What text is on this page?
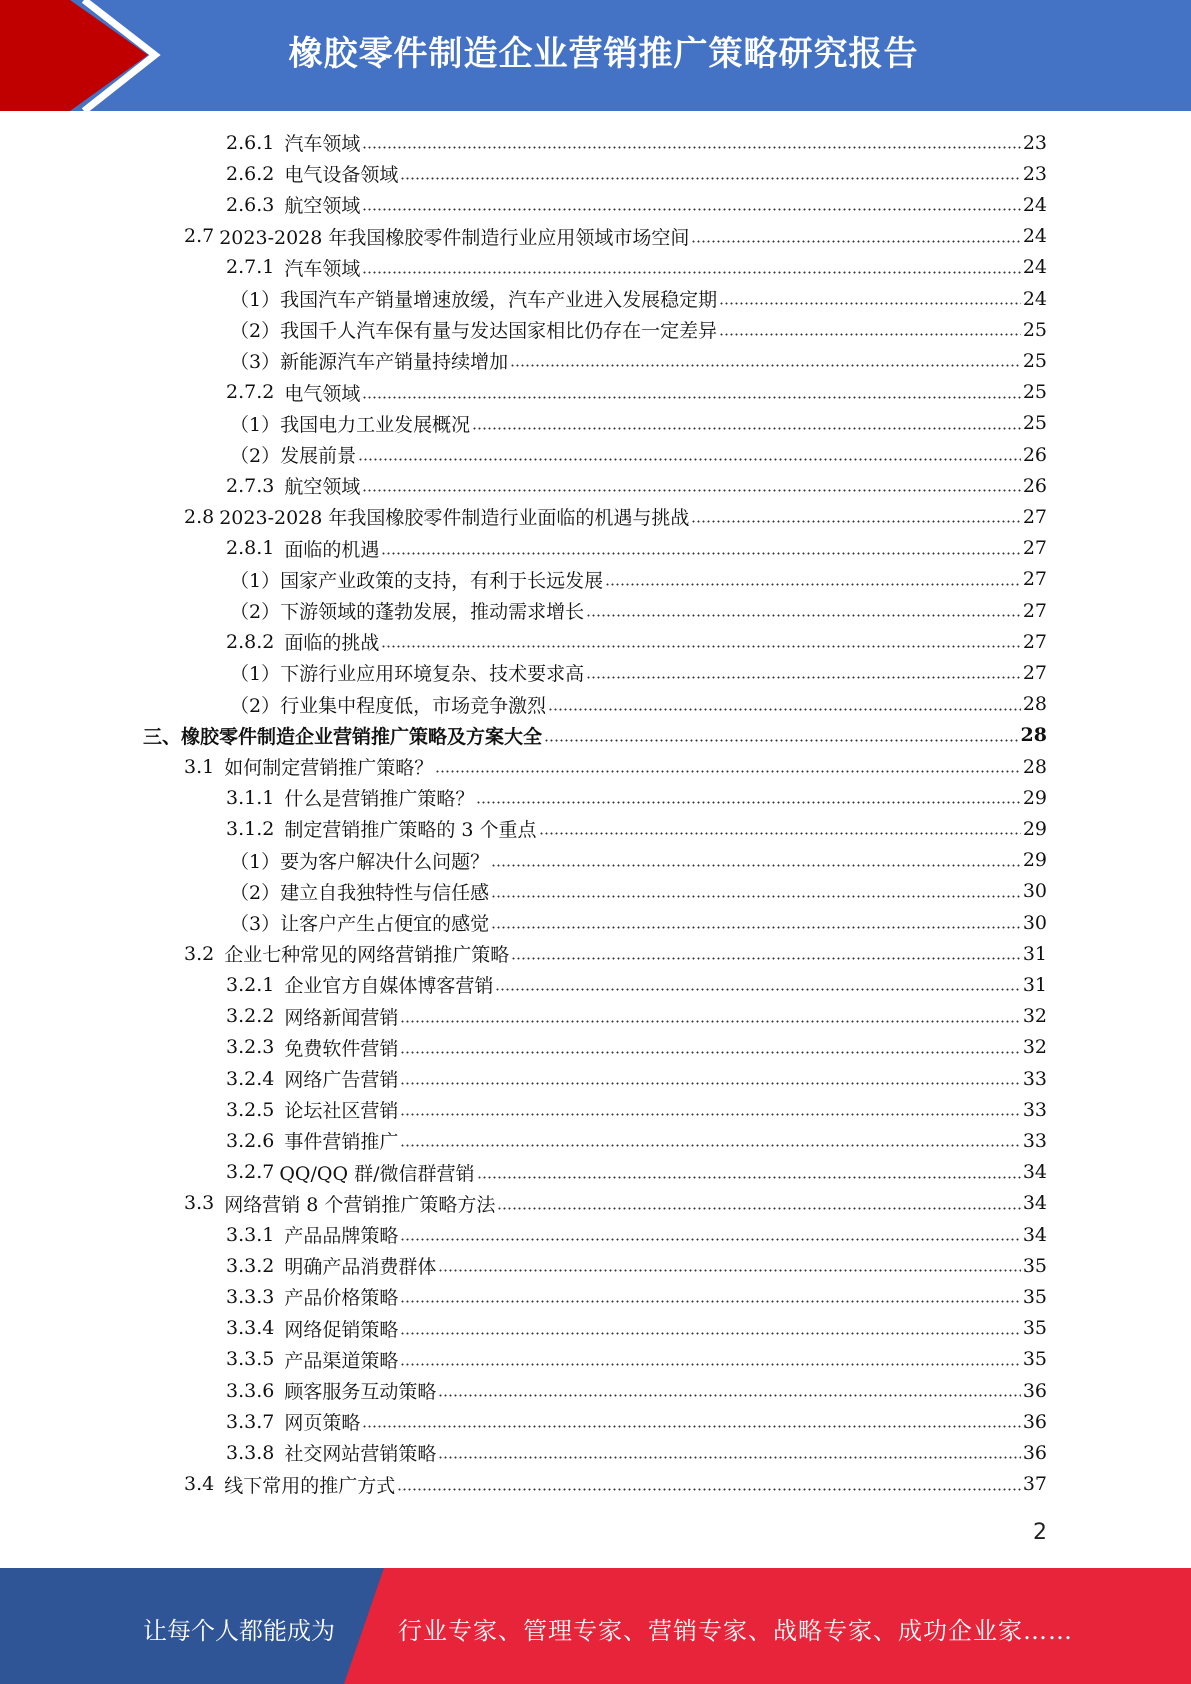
橡胶零件制造企业营销推广策略研究报告
2.6.1 汽车领域	23
2.6.2 电气设备领域	23
2.6.3 航空领域	24
2.7 2023-2028 年我国橡胶零件制造行业应用领域市场空间	24
2.7.1 汽车领域	24
（1） 我国汽车产销量增速放缓，汽车产业进入发展稳定期	24
（2） 我国千人汽车保有量与发达国家相比仍存在一定差异	25
（3） 新能源汽车产销量持续增加	25
2.7.2 电气领域	25
（1） 我国电力工业发展概况	25
（2） 发展前景	26
2.7.3 航空领域	26
2.8 2023-2028 年我国橡胶零件制造行业面临的机遇与挑战	27
2.8.1 面临的机遇	27
（1） 国家产业政策的支持，有利于长远发展	27
（2） 下游领域的蓬勃发展，推动需求增长	27
2.8.2 面临的挑战	27
（1） 下游行业应用环境复杂、技术要求高	27
（2） 行业集中程度低，市场竞争激烈	28
三、 橡胶零件制造企业营销推广策略及方案大全	28
3.1 如何制定营销推广策略？	28
3.1.1 什么是营销推广策略？	29
3.1.2 制定营销推广策略的 3 个重点	29
（1） 要为客户解决什么问题？	29
（2） 建立自我独特性与信任感	30
（3） 让客户产生占便宜的感觉	30
3.2 企业七种常见的网络营销推广策略	31
3.2.1 企业官方自媒体博客营销	31
3.2.2 网络新闻营销	32
3.2.3 免费软件营销	32
3.2.4 网络广告营销	33
3.2.5 论坛社区营销	33
3.2.6 事件营销推广	33
3.2.7 QQ/QQ 群/微信群营销	34
3.3 网络营销 8 个营销推广策略方法	34
3.3.1 产品品牌策略	34
3.3.2 明确产品消费群体	35
3.3.3 产品价格策略	35
3.3.4 网络促销策略	35
3.3.5 产品渠道策略	35
3.3.6 顾客服务互动策略	36
3.3.7 网页策略	36
3.3.8 社交网站营销策略	36
3.4 线下常用的推广方式	37
2
让每个人都能成为	行业专家、管理专家、营销专家、战略专家、成功企业家……
